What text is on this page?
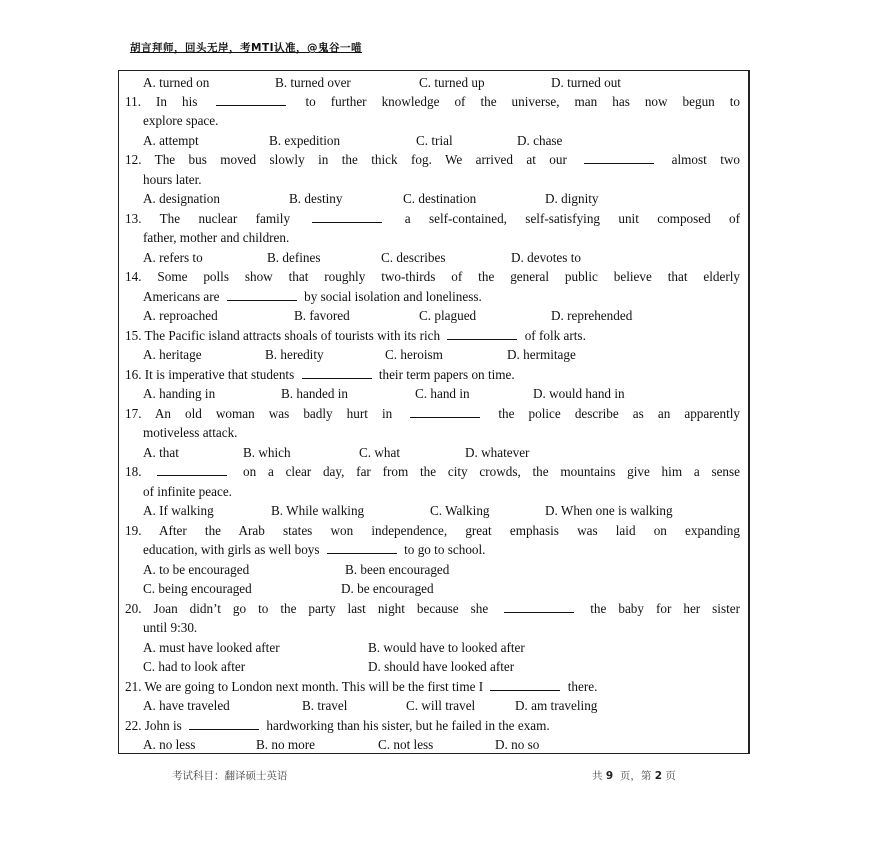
胡言拜师，回头无岸，考MTI认准，@鬼谷一喵
A. turned on	B. turned over	C. turned up	D. turned out
11. In his	to further knowledge of the universe, man has now begun to
explore space.
A. attempt	B. expedition	C. trial	D. chase
12. The bus moved slowly in the thick fog. We arrived at our	almost two
hours later.
A. designation	B. destiny	C. destination	D. dignity
13. The nuclear family	a self-contained, self-satisfying unit composed of
father, mother and children.
A. refers to	B. defines	C. describes	D. devotes to
14. Some polls show that roughly two-thirds of the general public believe that elderly
Americans are	by social isolation and loneliness.
A. reproached	B. favored	C. plagued	D. reprehended
15. The Pacific island attracts shoals of tourists with its rich	of folk arts.
A. heritage	B. heredity	C. heroism	D. hermitage
16. It is imperative that students	their term papers on time.
A. handing in	B. handed in	C. hand in	D. would hand in
17. An old woman was badly hurt in	the police describe as an apparently
motiveless attack.
A. that	B. which	C. what	D. whatever
18.	on a clear day, far from the city crowds, the mountains give him a sense
of infinite peace.
A. If walking	B. While walking	C. Walking	D. When one is walking
19. After the Arab states won independence, great emphasis was laid on expanding
education, with girls as well boys	to go to school.
A. to be encouraged	B. been encouraged
C. being encouraged	D. be encouraged
20. Joan didn’t go to the party last night because she	the baby for her sister
until 9:30.
A. must have looked after	B. would have to looked after
C. had to look after	D. should have looked after
21. We are going to London next month. This will be the first time I	there.
A. have traveled	B. travel	C. will travel	D. am traveling
22. John is	hardworking than his sister, but he failed in the exam.
A. no less	B. no more	C. not less	D. no so
考试科目：翻译硕士英语	共 9 页，第 2 页
